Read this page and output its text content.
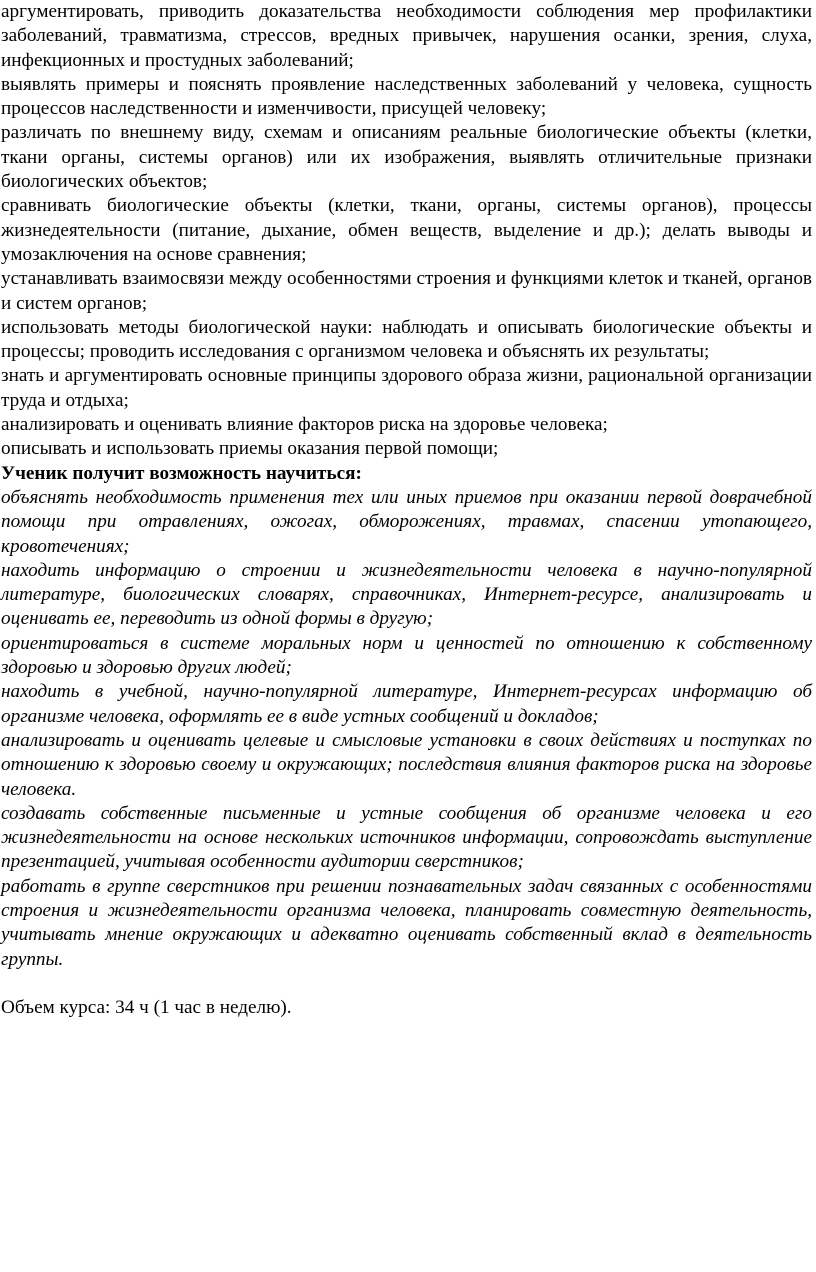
аргументировать, приводить доказательства необходимости соблюдения мер профилактики заболеваний, травматизма, стрессов, вредных привычек, нарушения осанки, зрения, слуха, инфекционных и простудных заболеваний;

выявлять примеры и пояснять проявление наследственных заболеваний у человека, сущность процессов наследственности и изменчивости, присущей человеку;

различать по внешнему виду, схемам и описаниям реальные биологические объекты (клетки, ткани органы, системы органов) или их изображения, выявлять отличительные признаки биологических объектов;

сравнивать биологические объекты (клетки, ткани, органы, системы органов), процессы жизнедеятельности (питание, дыхание, обмен веществ, выделение и др.); делать выводы и умозаключения на основе сравнения;

устанавливать взаимосвязи между особенностями строения и функциями клеток и тканей, органов и систем органов;

использовать методы биологической науки: наблюдать и описывать биологические объекты и процессы; проводить исследования с организмом человека и объяснять их результаты;

знать и аргументировать основные принципы здорового образа жизни, рациональной организации труда и отдыха;

анализировать и оценивать влияние факторов риска на здоровье человека;

описывать и использовать приемы оказания первой помощи;

Ученик получит возможность научиться:

объяснять необходимость применения тех или иных приемов при оказании первой доврачебной помощи при отравлениях, ожогах, обморожениях, травмах, спасении утопающего, кровотечениях;

находить информацию о строении и жизнедеятельности человека в научно-популярной литературе, биологических словарях, справочниках, Интернет-ресурсе, анализировать и оценивать ее, переводить из одной формы в другую;

ориентироваться в системе моральных норм и ценностей по отношению к собственному здоровью и здоровью других людей;

находить в учебной, научно-популярной литературе, Интернет-ресурсах информацию об организме человека, оформлять ее в виде устных сообщений и докладов;

анализировать и оценивать целевые и смысловые установки в своих действиях и поступках по отношению к здоровью своему и окружающих; последствия влияния факторов риска на здоровье человека.

создавать собственные письменные и устные сообщения об организме человека и его жизнедеятельности на основе нескольких источников информации, сопровождать выступление презентацией, учитывая особенности аудитории сверстников;

работать в группе сверстников при решении познавательных задач связанных с особенностями строения и жизнедеятельности организма человека, планировать совместную деятельность, учитывать мнение окружающих и адекватно оценивать собственный вклад в деятельность группы.

Объем курса: 34 ч (1 час в неделю).
